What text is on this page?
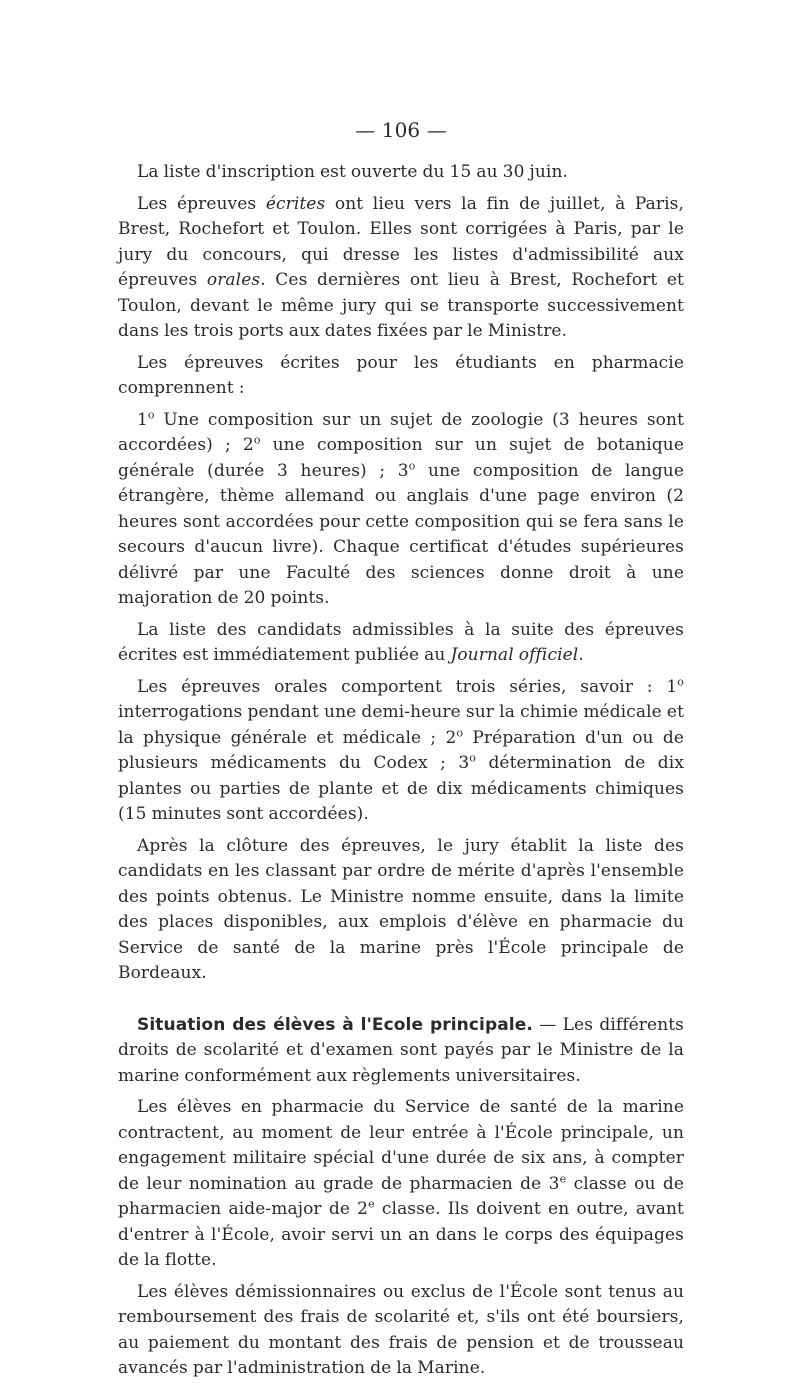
— 106 —

La liste d'inscription est ouverte du 15 au 30 juin.

Les épreuves écrites ont lieu vers la fin de juillet, à Paris, Brest, Rochefort et Toulon. Elles sont corrigées à Paris, par le jury du concours, qui dresse les listes d'admissibilité aux épreuves orales. Ces dernières ont lieu à Brest, Rochefort et Toulon, devant le même jury qui se transporte successivement dans les trois ports aux dates fixées par le Ministre.

Les épreuves écrites pour les étudiants en pharmacie comprennent :

1$^o$ Une composition sur un sujet de zoologie (3 heures sont accordées) ; 2$^o$ une composition sur un sujet de botanique générale (durée 3 heures) ; 3$^o$ une composition de langue étrangère, thème allemand ou anglais d'une page environ (2 heures sont accordées pour cette composition qui se fera sans le secours d'aucun livre). Chaque certificat d'études supérieures délivré par une Faculté des sciences donne droit à une majoration de 20 points.

La liste des candidats admissibles à la suite des épreuves écrites est immédiatement publiée au Journal officiel.

Les épreuves orales comportent trois séries, savoir : 1$^o$ interrogations pendant une demi-heure sur la chimie médicale et la physique générale et médicale ; 2$^o$ Préparation d'un ou de plusieurs médicaments du Codex ; 3$^o$ détermination de dix plantes ou parties de plante et de dix médicaments chimiques (15 minutes sont accordées).

Après la clôture des épreuves, le jury établit la liste des candidats en les classant par ordre de mérite d'après l'ensemble des points obtenus. Le Ministre nomme ensuite, dans la limite des places disponibles, aux emplois d'élève en pharmacie du Service de santé de la marine près l'École principale de Bordeaux.

Situation des élèves à l'Ecole principale. — Les différents droits de scolarité et d'examen sont payés par le Ministre de la marine conformément aux règlements universitaires.

Les élèves en pharmacie du Service de santé de la marine contractent, au moment de leur entrée à l'École principale, un engagement militaire spécial d'une durée de six ans, à compter de leur nomination au grade de pharmacien de 3e classe ou de pharmacien aide-major de 2e classe. Ils doivent en outre, avant d'entrer à l'École, avoir servi un an dans le corps des équipages de la flotte.

Les élèves démissionnaires ou exclus de l'École sont tenus au remboursement des frais de scolarité et, s'ils ont été boursiers, au paiement du montant des frais de pension et de trousseau avancés par l'administration de la Marine.
